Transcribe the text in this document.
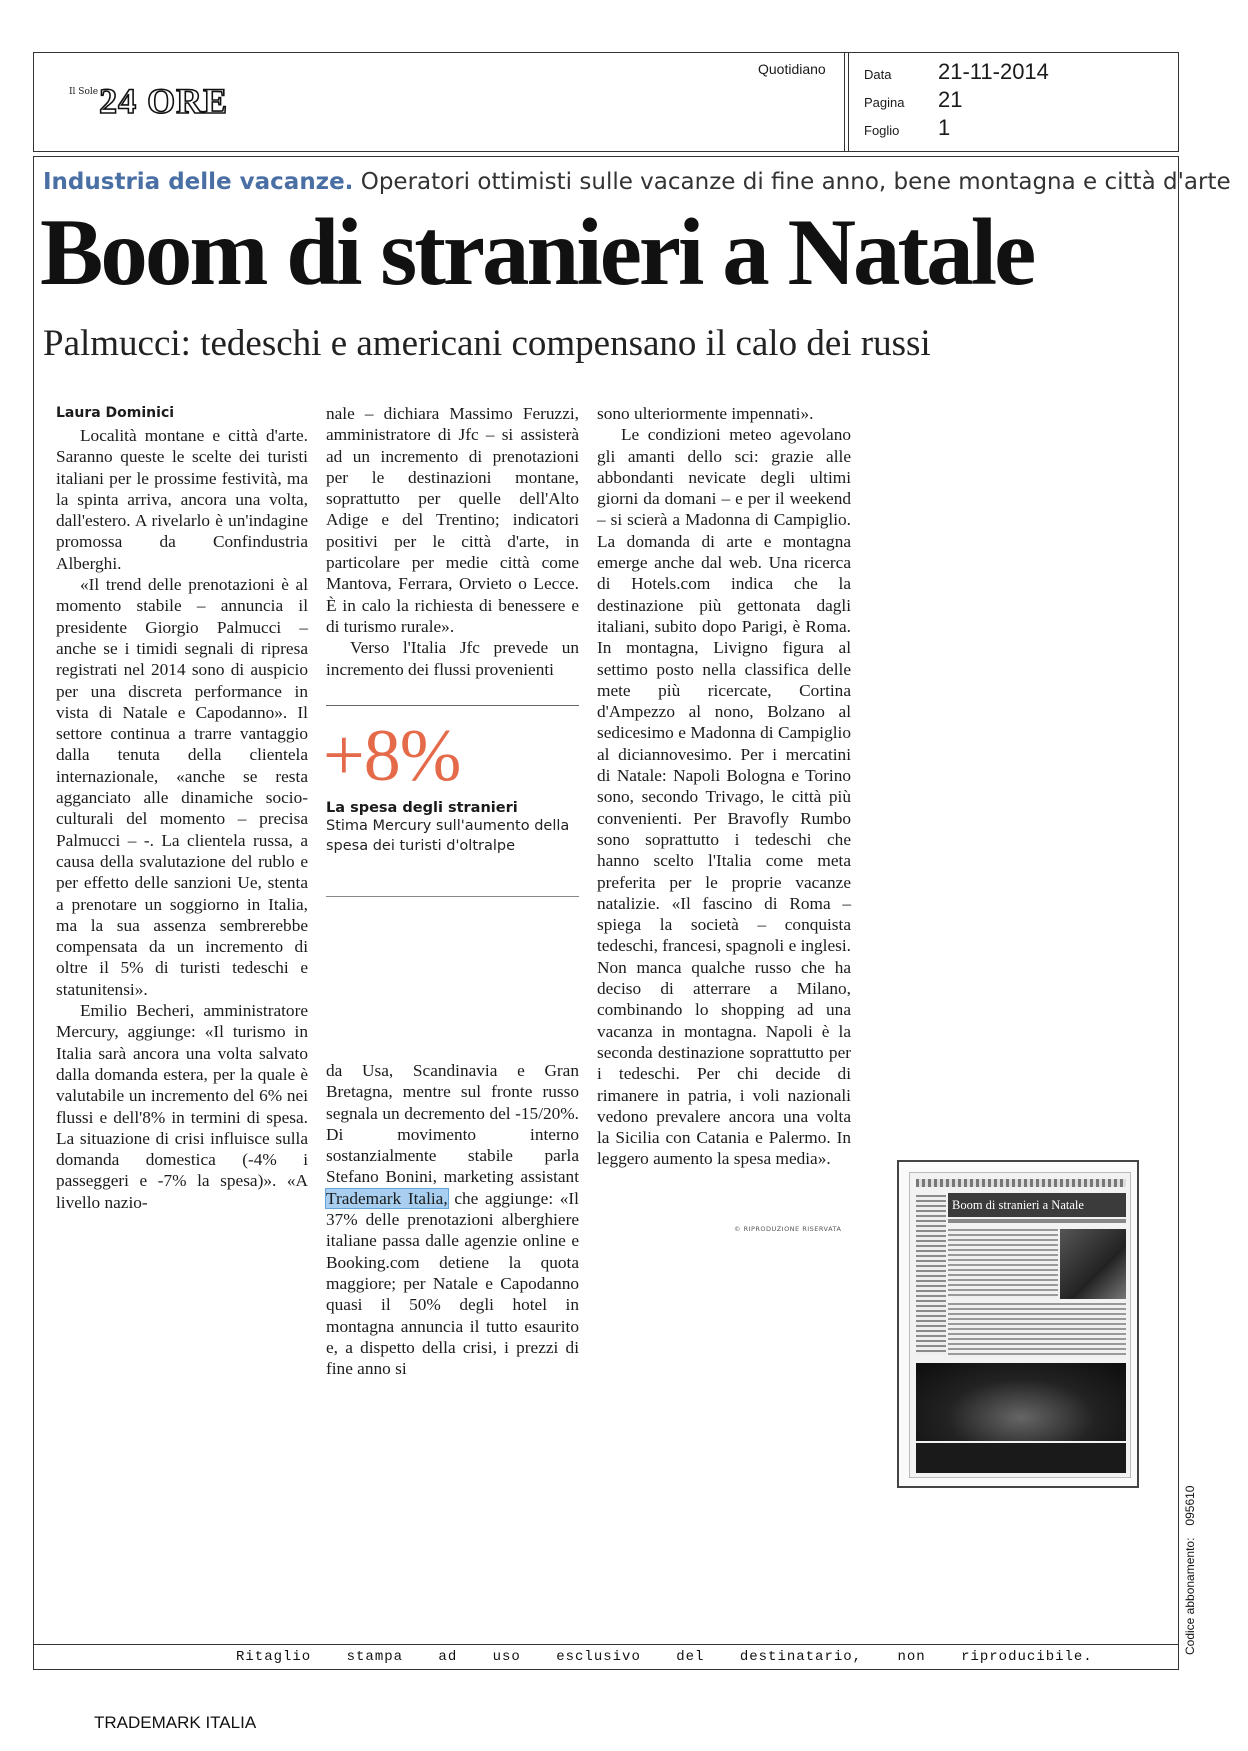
Il Sole 24 ORE
Quotidiano	Data	21-11-2014
Pagina	21
Foglio	1
Industria delle vacanze. Operatori ottimisti sulle vacanze di fine anno, bene montagna e città d'arte
Boom di stranieri a Natale
Palmucci: tedeschi e americani compensano il calo dei russi
Laura Dominici

Località montane e città d'arte. Saranno queste le scelte dei turisti italiani per le prossime festività, ma la spinta arriva, ancora una volta, dall'estero. A rivelarlo è un'indagine promossa da Confindustria Alberghi.

«Il trend delle prenotazioni è al momento stabile – annuncia il presidente Giorgio Palmucci – anche se i timidi segnali di ripresa registrati nel 2014 sono di auspicio per una discreta performance in vista di Natale e Capodanno». Il settore continua a trarre vantaggio dalla tenuta della clientela internazionale, «anche se resta agganciato alle dinamiche socio-culturali del momento – precisa Palmucci – -. La clientela russa, a causa della svalutazione del rublo e per effetto delle sanzioni Ue, stenta a prenotare un soggiorno in Italia, ma la sua assenza sembrerebbe compensata da un incremento di oltre il 5% di turisti tedeschi e statunitensi».

Emilio Becheri, amministratore Mercury, aggiunge: «Il turismo in Italia sarà ancora una volta salvato dalla domanda estera, per la quale è valutabile un incremento del 6% nei flussi e dell'8% in termini di spesa. La situazione di crisi influisce sulla domanda domestica (-4% i passeggeri e -7% la spesa)». «A livello nazio-

nale – dichiara Massimo Feruzzi, amministratore di Jfc – si assisterà ad un incremento di prenotazioni per le destinazioni montane, soprattutto per quelle dell'Alto Adige e del Trentino; indicatori positivi per le città d'arte, in particolare per medie città come Mantova, Ferrara, Orvieto o Lecce. È in calo la richiesta di benessere e di turismo rurale».

Verso l'Italia Jfc prevede un incremento dei flussi provenienti

+8%
La spesa degli stranieri
Stima Mercury sull'aumento della spesa dei turisti d'oltralpe

da Usa, Scandinavia e Gran Bretagna, mentre sul fronte russo segnala un decremento del -15/20%. Di movimento interno sostanzialmente stabile parla Stefano Bonini, marketing assistant Trademark Italia, che aggiunge: «Il 37% delle prenotazioni alberghiere italiane passa dalle agenzie online e Booking.com detiene la quota maggiore; per Natale e Capodanno quasi il 50% degli hotel in montagna annuncia il tutto esaurito e, a dispetto della crisi, i prezzi di fine anno si

sono ulteriormente impennati».

Le condizioni meteo agevolano gli amanti dello sci: grazie alle abbondanti nevicate degli ultimi giorni da domani – e per il weekend – si scierà a Madonna di Campiglio. La domanda di arte e montagna emerge anche dal web. Una ricerca di Hotels.com indica che la destinazione più gettonata dagli italiani, subito dopo Parigi, è Roma. In montagna, Livigno figura al settimo posto nella classifica delle mete più ricercate, Cortina d'Ampezzo al nono, Bolzano al sedicesimo e Madonna di Campiglio al diciannovesimo. Per i mercatini di Natale: Napoli Bologna e Torino sono, secondo Trivago, le città più convenienti. Per Bravofly Rumbo sono soprattutto i tedeschi che hanno scelto l'Italia come meta preferita per le proprie vacanze natalizie. «Il fascino di Roma – spiega la società – conquista tedeschi, francesi, spagnoli e inglesi. Non manca qualche russo che ha deciso di atterrare a Milano, combinando lo shopping ad una vacanza in montagna. Napoli è la seconda destinazione soprattutto per i tedeschi. Per chi decide di rimanere in patria, i voli nazionali vedono prevalere ancora una volta la Sicilia con Catania e Palermo. In leggero aumento la spesa media».

© RIPRODUZIONE RISERVATA
Boom di stranieri a Natale
Codice abbonamento:095610
Ritaglio stampa ad uso esclusivo del destinatario, non riproducibile.
TRADEMARK ITALIA
